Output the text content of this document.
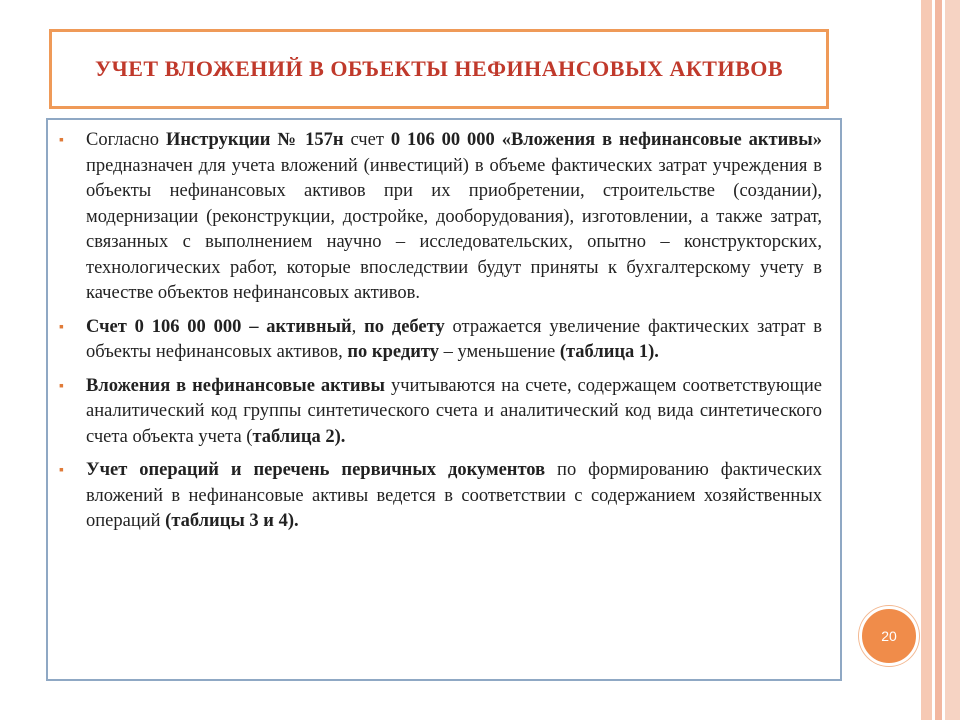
УЧЕТ ВЛОЖЕНИЙ В ОБЪЕКТЫ НЕФИНАНСОВЫХ АКТИВОВ
▪ Согласно Инструкции № 157н счет 0 106 00 000 «Вложения в нефинансовые активы» предназначен для учета вложений (инвестиций) в объеме фактических затрат учреждения в объекты нефинансовых активов при их приобретении, строительстве (создании), модернизации (реконструкции, достройке, дооборудования), изготовлении, а также затрат, связанных с выполнением научно – исследовательских, опытно – конструкторских, технологических работ, которые впоследствии будут приняты к бухгалтерскому учету в качестве объектов нефинансовых активов.
▪ Счет 0 106 00 000 – активный, по дебету отражается увеличение фактических затрат в объекты нефинансовых активов, по кредиту – уменьшение (таблица 1).
▪ Вложения в нефинансовые активы учитываются на счете, содержащем соответствующие аналитический код группы синтетического счета и аналитический код вида синтетического счета объекта учета (таблица 2).
▪ Учет операций и перечень первичных документов по формированию фактических вложений в нефинансовые активы ведется в соответствии с содержанием хозяйственных операций (таблицы 3 и 4).
20
